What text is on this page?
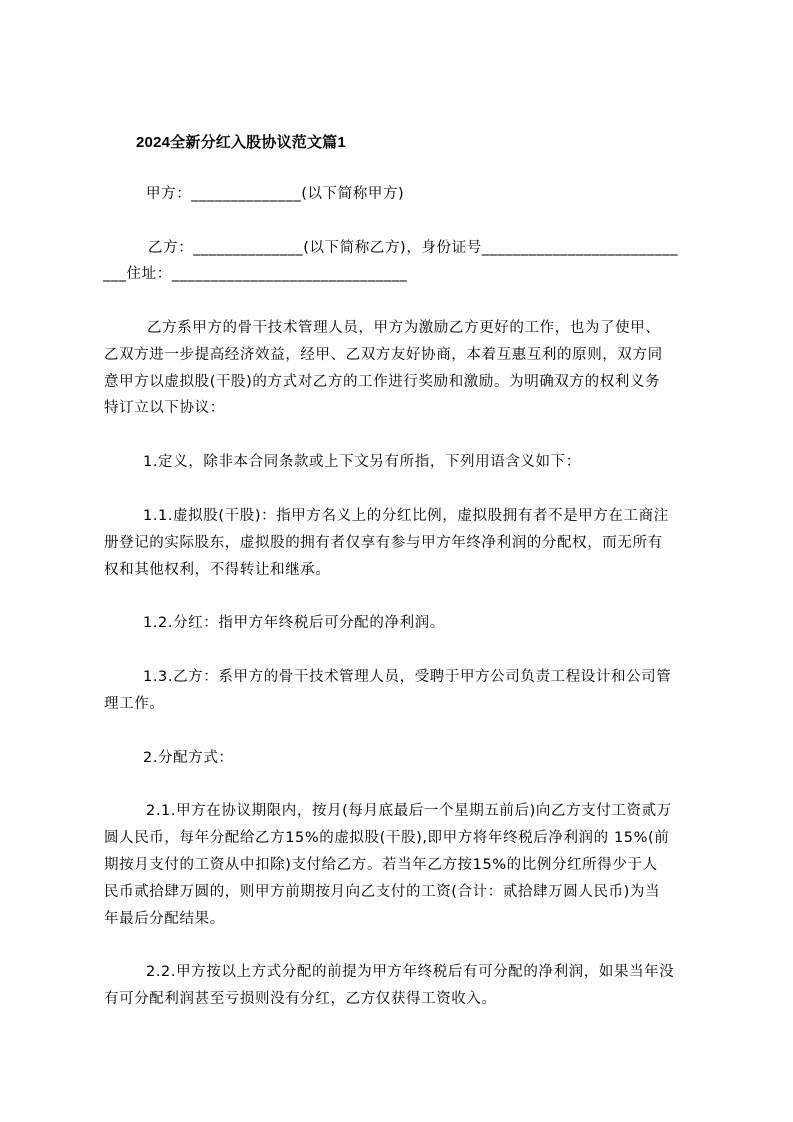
2024全新分红入股协议范文篇1
甲方：______________(以下简称甲方)
乙方：______________(以下简称乙方)，身份证号_________________________
___住址：______________________________
乙方系甲方的骨干技术管理人员，甲方为激励乙方更好的工作，也为了使甲、
乙双方进一步提高经济效益，经甲、乙双方友好协商，本着互惠互利的原则，双方同
意甲方以虚拟股(干股)的方式对乙方的工作进行奖励和激励。为明确双方的权利义务
特订立以下协议：
1.定义，除非本合同条款或上下文另有所指，下列用语含义如下：
1.1.虚拟股(干股)：指甲方名义上的分红比例，虚拟股拥有者不是甲方在工商注
册登记的实际股东，虚拟股的拥有者仅享有参与甲方年终净利润的分配权，而无所有
权和其他权利，不得转让和继承。
1.2.分红：指甲方年终税后可分配的净利润。
1.3.乙方：系甲方的骨干技术管理人员，受聘于甲方公司负责工程设计和公司管
理工作。
2.分配方式：
2.1.甲方在协议期限内，按月(每月底最后一个星期五前后)向乙方支付工资贰万
圆人民币，每年分配给乙方15%的虚拟股(干股),即甲方将年终税后净利润的 15%(前
期按月支付的工资从中扣除)支付给乙方。若当年乙方按15%的比例分红所得少于人
民币贰拾肆万圆的，则甲方前期按月向乙支付的工资(合计：贰拾肆万圆人民币)为当
年最后分配结果。
2.2.甲方按以上方式分配的前提为甲方年终税后有可分配的净利润，如果当年没
有可分配利润甚至亏损则没有分红，乙方仅获得工资收入。
